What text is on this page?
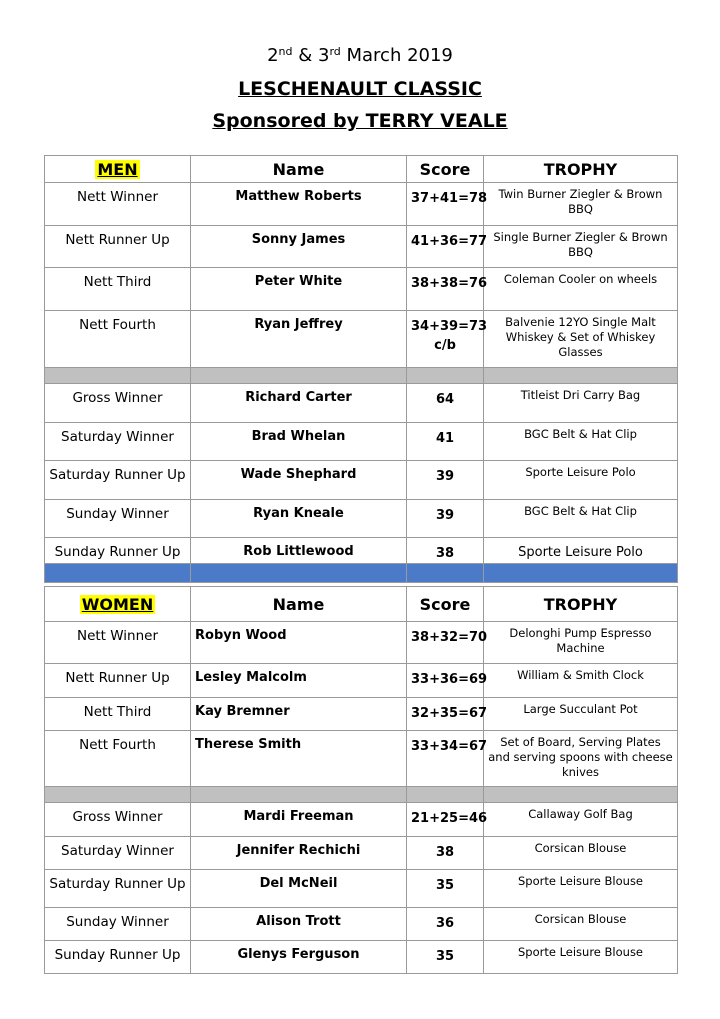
2nd & 3rd March 2019
LESCHENAULT CLASSIC
Sponsored by TERRY VEALE
MEN	Name	Score	TROPHY
Nett Winner	Matthew Roberts	37+41=78	Twin Burner Ziegler & Brown BBQ
Nett Runner Up	Sonny James	41+36=77	Single Burner Ziegler & Brown BBQ
Nett Third	Peter White	38+38=76	Coleman Cooler on wheels
Nett Fourth	Ryan Jeffrey	34+39=73 c/b	Balvenie 12YO Single Malt Whiskey & Set of Whiskey Glasses

Gross Winner	Richard Carter	64	Titleist Dri Carry Bag
Saturday Winner	Brad Whelan	41	BGC Belt & Hat Clip
Saturday Runner Up	Wade Shephard	39	Sporte Leisure Polo
Sunday Winner	Ryan Kneale	39	BGC Belt & Hat Clip
Sunday Runner Up	Rob Littlewood	38	Sporte Leisure Polo

WOMEN	Name	Score	TROPHY
Nett Winner	Robyn Wood	38+32=70	Delonghi Pump Espresso Machine
Nett Runner Up	Lesley Malcolm	33+36=69	William & Smith Clock
Nett Third	Kay Bremner	32+35=67	Large Succulant Pot
Nett Fourth	Therese Smith	33+34=67	Set of Board, Serving Plates and serving spoons with cheese knives

Gross Winner	Mardi Freeman	21+25=46	Callaway Golf Bag
Saturday Winner	Jennifer Rechichi	38	Corsican Blouse
Saturday Runner Up	Del McNeil	35	Sporte Leisure Blouse
Sunday Winner	Alison Trott	36	Corsican Blouse
Sunday Runner Up	Glenys Ferguson	35	Sporte Leisure Blouse
